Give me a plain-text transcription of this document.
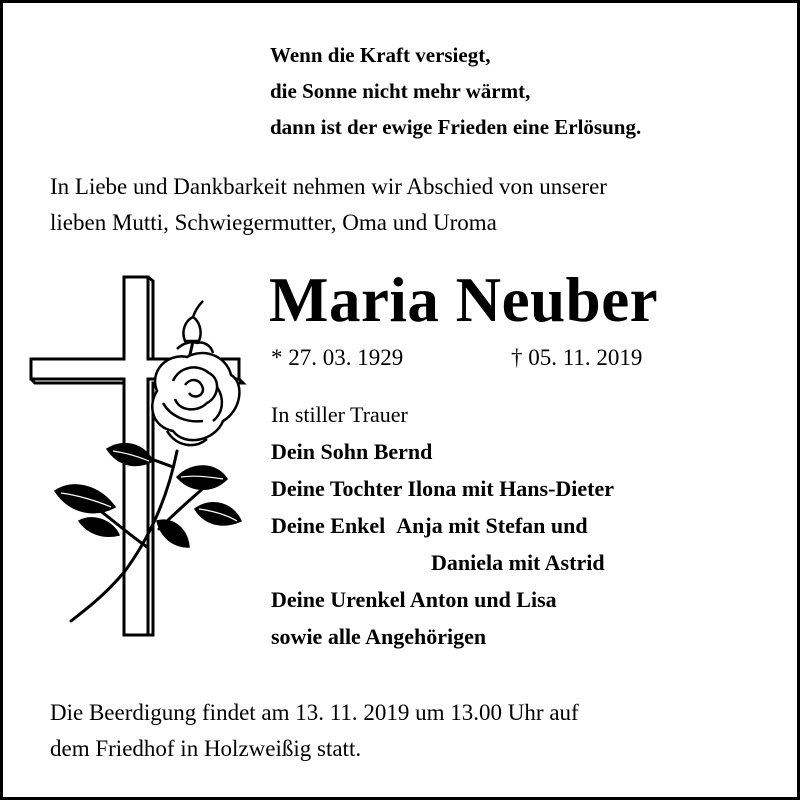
Wenn die Kraft versiegt,
die Sonne nicht mehr wärmt,
dann ist der ewige Frieden eine Erlösung.
In Liebe und Dankbarkeit nehmen wir Abschied von unserer
lieben Mutti, Schwiegermutter, Oma und Uroma
Maria Neuber
* 27. 03. 1929	† 05. 11. 2019
In stiller Trauer
Dein Sohn Bernd
Deine Tochter Ilona mit Hans-Dieter
Deine Enkel Anja mit Stefan und
Daniela mit Astrid
Deine Urenkel Anton und Lisa
sowie alle Angehörigen
Die Beerdigung findet am 13. 11. 2019 um 13.00 Uhr auf
dem Friedhof in Holzweißig statt.
